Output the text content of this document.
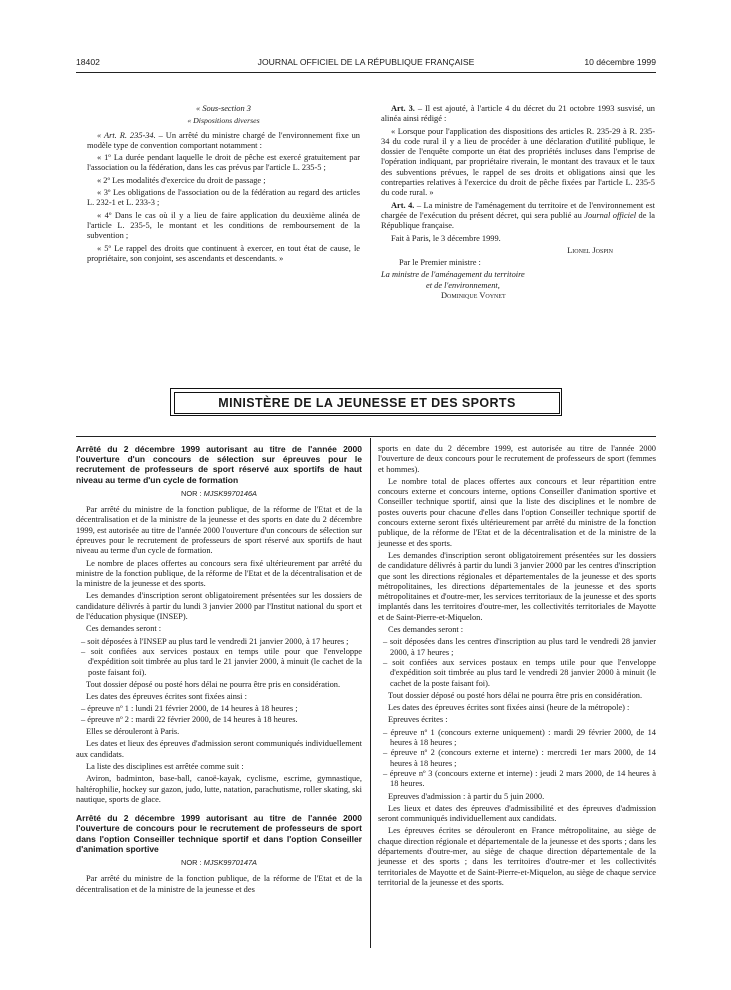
18402	JOURNAL OFFICIEL DE LA RÉPUBLIQUE FRANÇAISE	10 décembre 1999

« Sous-section 3

« Dispositions diverses

« Art. R. 235-34. – Un arrêté du ministre chargé de l'environnement fixe un modèle type de convention comportant notamment :

« 1º La durée pendant laquelle le droit de pêche est exercé gratuitement par l'association ou la fédération, dans les cas prévus par l'article L. 235-5 ;

« 2º Les modalités d'exercice du droit de passage ;

« 3º Les obligations de l'association ou de la fédération au regard des articles L. 232-1 et L. 233-3 ;

« 4º Dans le cas où il y a lieu de faire application du deuxième alinéa de l'article L. 235-5, le montant et les conditions de remboursement de la subvention ;

« 5º Le rappel des droits que continuent à exercer, en tout état de cause, le propriétaire, son conjoint, ses ascendants et descendants. »

Art. 3. – Il est ajouté, à l'article 4 du décret du 21 octobre 1993 susvisé, un alinéa ainsi rédigé :

« Lorsque pour l'application des dispositions des articles R. 235-29 à R. 235-34 du code rural il y a lieu de procéder à une déclaration d'utilité publique, le dossier de l'enquête comporte un état des propriétés incluses dans l'emprise de l'opération indiquant, par propriétaire riverain, le montant des travaux et le taux des subventions prévues, le rappel de ses droits et obligations ainsi que les contreparties relatives à l'exercice du droit de pêche fixées par l'article L. 235-5 du code rural. »

Art. 4. – La ministre de l'aménagement du territoire et de l'environnement est chargée de l'exécution du présent décret, qui sera publié au Journal officiel de la République française.

Fait à Paris, le 3 décembre 1999.

Lionel Jospin

Par le Premier ministre :

La ministre de l'aménagement du territoire

et de l'environnement,

Dominique Voynet

MINISTÈRE DE LA JEUNESSE ET DES SPORTS
Arrêté du 2 décembre 1999 autorisant au titre de l'année 2000 l'ouverture d'un concours de sélection sur épreuves pour le recrutement de professeurs de sport réservé aux sportifs de haut niveau au terme d'un cycle de formation
NOR : MJSK9970146A

Par arrêté du ministre de la fonction publique, de la réforme de l'Etat et de la décentralisation et de la ministre de la jeunesse et des sports en date du 2 décembre 1999, est autorisée au titre de l'année 2000 l'ouverture d'un concours de sélection sur épreuves pour le recrutement de professeurs de sport réservé aux sportifs de haut niveau au terme d'un cycle de formation.

Le nombre de places offertes au concours sera fixé ultérieurement par arrêté du ministre de la fonction publique, de la réforme de l'Etat et de la décentralisation et de la ministre de la jeunesse et des sports.

Les demandes d'inscription seront obligatoirement présentées sur les dossiers de candidature délivrés à partir du lundi 3 janvier 2000 par l'Institut national du sport et de l'éducation physique (INSEP).

Ces demandes seront :

– soit déposées à l'INSEP au plus tard le vendredi 21 janvier 2000, à 17 heures ;
– soit confiées aux services postaux en temps utile pour que l'enveloppe d'expédition soit timbrée au plus tard le 21 janvier 2000, à minuit (le cachet de la poste faisant foi).

Tout dossier déposé ou posté hors délai ne pourra être pris en considération.

Les dates des épreuves écrites sont fixées ainsi :

– épreuve nº 1 : lundi 21 février 2000, de 14 heures à 18 heures ;
– épreuve nº 2 : mardi 22 février 2000, de 14 heures à 18 heures.

Elles se dérouleront à Paris.

Les dates et lieux des épreuves d'admission seront communiqués individuellement aux candidats.

La liste des disciplines est arrêtée comme suit :

Aviron, badminton, base-ball, canoë-kayak, cyclisme, escrime, gymnastique, haltérophilie, hockey sur gazon, judo, lutte, natation, parachutisme, roller skating, ski nautique, sports de glace.

Arrêté du 2 décembre 1999 autorisant au titre de l'année 2000 l'ouverture de concours pour le recrutement de professeurs de sport dans l'option Conseiller technique sportif et dans l'option Conseiller d'animation sportive
NOR : MJSK9970147A

Par arrêté du ministre de la fonction publique, de la réforme de l'Etat et de la décentralisation et de la ministre de la jeunesse et des

sports en date du 2 décembre 1999, est autorisée au titre de l'année 2000 l'ouverture de deux concours pour le recrutement de professeurs de sport (femmes et hommes).

Le nombre total de places offertes aux concours et leur répartition entre concours externe et concours interne, options Conseiller d'animation sportive et Conseiller technique sportif, ainsi que la liste des disciplines et le nombre de postes ouverts pour chacune d'elles dans l'option Conseiller technique sportif de concours externe seront fixés ultérieurement par arrêté du ministre de la fonction publique, de la réforme de l'Etat et de la décentralisation et de la ministre de la jeunesse et des sports.

Les demandes d'inscription seront obligatoirement présentées sur les dossiers de candidature délivrés à partir du lundi 3 janvier 2000 par les centres d'inscription que sont les directions régionales et départementales de la jeunesse et des sports métropolitaines, les directions départementales de la jeunesse et des sports métropolitaines et d'outre-mer, les services territoriaux de la jeunesse et des sports implantés dans les territoires d'outre-mer, les collectivités territoriales de Mayotte et de Saint-Pierre-et-Miquelon.

Ces demandes seront :

– soit déposées dans les centres d'inscription au plus tard le vendredi 28 janvier 2000, à 17 heures ;
– soit confiées aux services postaux en temps utile pour que l'enveloppe d'expédition soit timbrée au plus tard le vendredi 28 janvier 2000 à minuit (le cachet de la poste faisant foi).

Tout dossier déposé ou posté hors délai ne pourra être pris en considération.

Les dates des épreuves écrites sont fixées ainsi (heure de la métropole) :

Epreuves écrites :

– épreuve nº 1 (concours externe uniquement) : mardi 29 février 2000, de 14 heures à 18 heures ;
– épreuve nº 2 (concours externe et interne) : mercredi 1er mars 2000, de 14 heures à 18 heures ;
– épreuve nº 3 (concours externe et interne) : jeudi 2 mars 2000, de 14 heures à 18 heures.

Epreuves d'admission : à partir du 5 juin 2000.

Les lieux et dates des épreuves d'admissibilité et des épreuves d'admission seront communiqués individuellement aux candidats.

Les épreuves écrites se dérouleront en France métropolitaine, au siège de chaque direction régionale et départementale de la jeunesse et des sports ; dans les départements d'outre-mer, au siège de chaque direction départementale de la jeunesse et des sports ; dans les territoires d'outre-mer et les collectivités territoriales de Mayotte et de Saint-Pierre-et-Miquelon, au siège de chaque service territorial de la jeunesse et des sports.
